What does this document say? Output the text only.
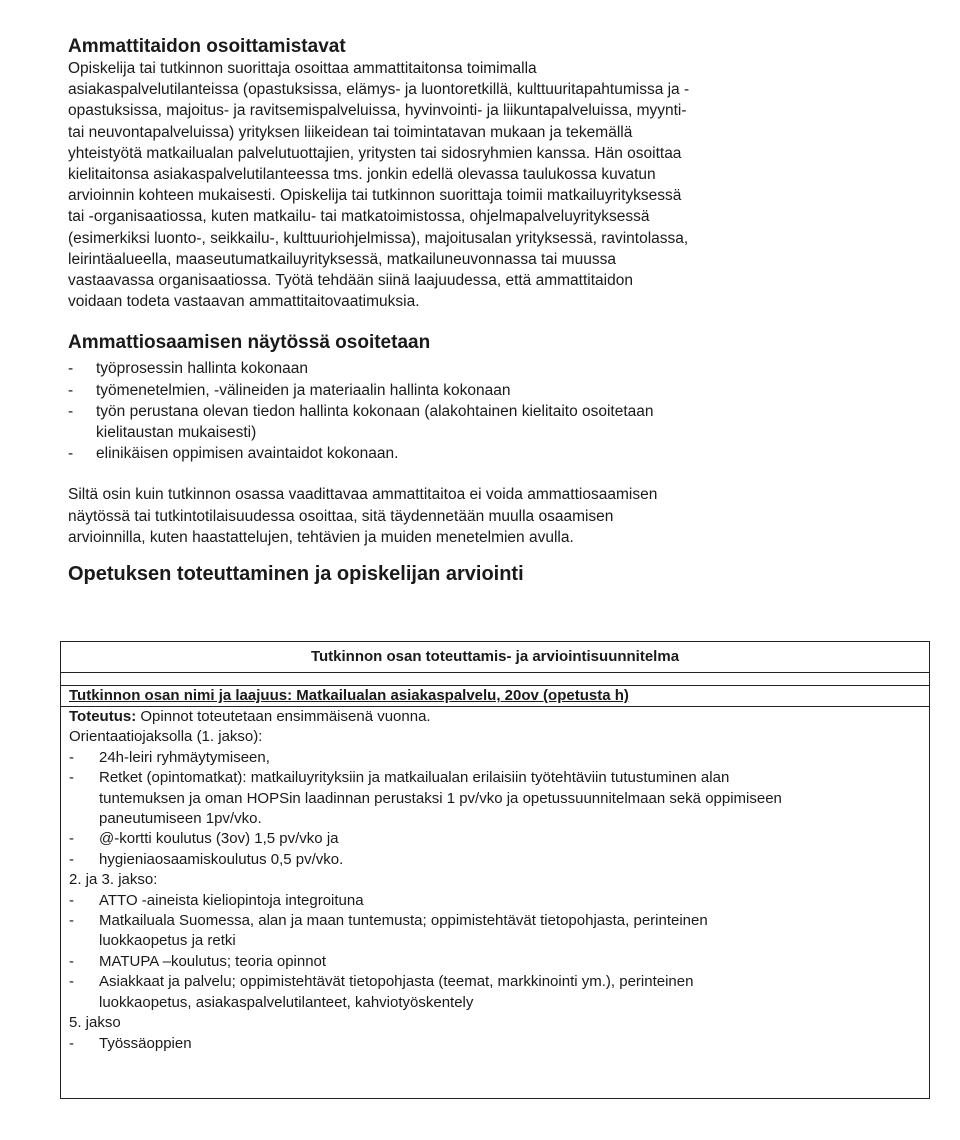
Ammattitaidon osoittamistavat
Opiskelija tai tutkinnon suorittaja osoittaa ammattitaitonsa toimimalla
asiakaspalvelutilanteissa (opastuksissa, elämys- ja luontoretkillä, kulttuuritapahtumissa ja -
opastuksissa, majoitus- ja ravitsemispalveluissa, hyvinvointi- ja liikuntapalveluissa, myynti-
tai neuvontapalveluissa) yrityksen liikeidean tai toimintatavan mukaan ja tekemällä
yhteistyötä matkailualan palvelutuottajien, yritysten tai sidosryhmien kanssa. Hän osoittaa
kielitaitonsa asiakaspalvelutilanteessa tms. jonkin edellä olevassa taulukossa kuvatun
arvioinnin kohteen mukaisesti. Opiskelija tai tutkinnon suorittaja toimii matkailuyrityksessä
tai -organisaatiossa, kuten matkailu- tai matkatoimistossa, ohjelmapalveluyrityksessä
(esimerkiksi luonto-, seikkailu-, kulttuuriohjelmissa), majoitusalan yrityksessä, ravintolassa,
leirintäalueella, maaseutumatkailuyrityksessä, matkailuneuvonnassa tai muussa
vastaavassa organisaatiossa. Työtä tehdään siinä laajuudessa, että ammattitaidon
voidaan todeta vastaavan ammattitaitovaatimuksia.
Ammattiosaamisen näytössä osoitetaan
- työprosessin hallinta kokonaan
- työmenetelmien, -välineiden ja materiaalin hallinta kokonaan
- työn perustana olevan tiedon hallinta kokonaan (alakohtainen kielitaito osoitetaan
kielitaustan mukaisesti)
- elinikäisen oppimisen avaintaidot kokonaan.
Siltä osin kuin tutkinnon osassa vaadittavaa ammattitaitoa ei voida ammattiosaamisen
näytössä tai tutkintotilaisuudessa osoittaa, sitä täydennetään muulla osaamisen
arvioinnilla, kuten haastattelujen, tehtävien ja muiden menetelmien avulla.
Opetuksen toteuttaminen ja opiskelijan arviointi
Tutkinnon osan toteuttamis- ja arviointisuunnitelma
Tutkinnon osan nimi ja laajuus: Matkailualan asiakaspalvelu, 20ov (opetusta h)
Toteutus: Opinnot toteutetaan ensimmäisenä vuonna.
Orientaatiojaksolla (1. jakso):
- 24h-leiri ryhmäytymiseen,
- Retket (opintomatkat): matkailuyrityksiin ja matkailualan erilaisiin työtehtäviin tutustuminen alan
tuntemuksen ja oman HOPSin laadinnan perustaksi 1 pv/vko ja opetussuunnitelmaan sekä oppimiseen
paneutumiseen 1pv/vko.
- @-kortti koulutus (3ov) 1,5 pv/vko ja
- hygieniaosaamiskoulutus 0,5 pv/vko.
2. ja 3. jakso:
- ATTO -aineista kieliopintoja integroituna
- Matkailuala Suomessa, alan ja maan tuntemusta; oppimistehtävät tietopohjasta, perinteinen
luokkaopetus ja retki
- MATUPA –koulutus; teoria opinnot
- Asiakkaat ja palvelu; oppimistehtävät tietopohjasta (teemat, markkinointi ym.), perinteinen
luokkaopetus, asiakaspalvelutilanteet, kahviotyöskentely
5. jakso
- Työssäoppien
